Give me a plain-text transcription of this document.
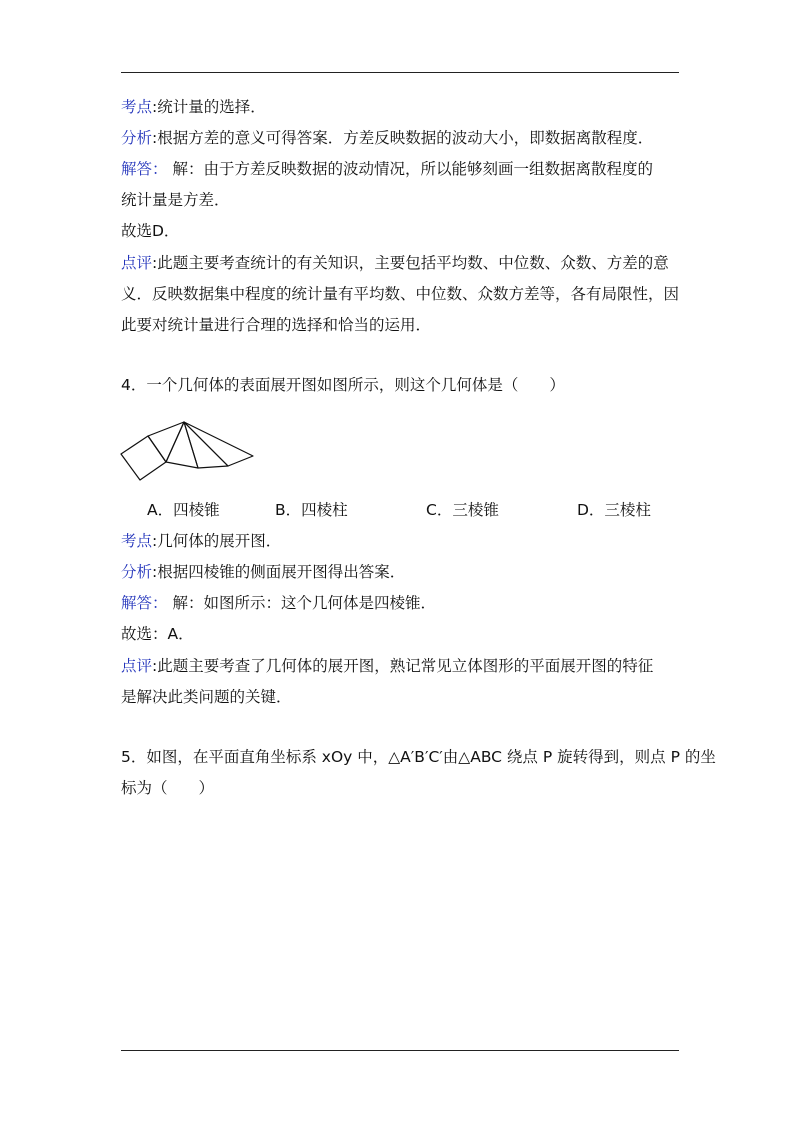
考点:统计量的选择．
分析:根据方差的意义可得答案．方差反映数据的波动大小，即数据离散程度．
解答： 解：由于方差反映数据的波动情况，所以能够刻画一组数据离散程度的
统计量是方差．
故选D．
点评:此题主要考查统计的有关知识，主要包括平均数、中位数、众数、方差的意
义．反映数据集中程度的统计量有平均数、中位数、众数方差等，各有局限性，因
此要对统计量进行合理的选择和恰当的运用．
4．一个几何体的表面展开图如图所示，则这个几何体是（　　）
A．四棱锥	B．四棱柱	C．三棱锥	D．三棱柱
考点:几何体的展开图．
分析:根据四棱锥的侧面展开图得出答案．
解答： 解：如图所示：这个几何体是四棱锥．
故选：A．
点评:此题主要考查了几何体的展开图，熟记常见立体图形的平面展开图的特征
是解决此类问题的关键．
5．如图，在平面直角坐标系 xOy 中，△A′B′C′由△ABC 绕点 P 旋转得到，则点 P 的坐
标为（　　）
